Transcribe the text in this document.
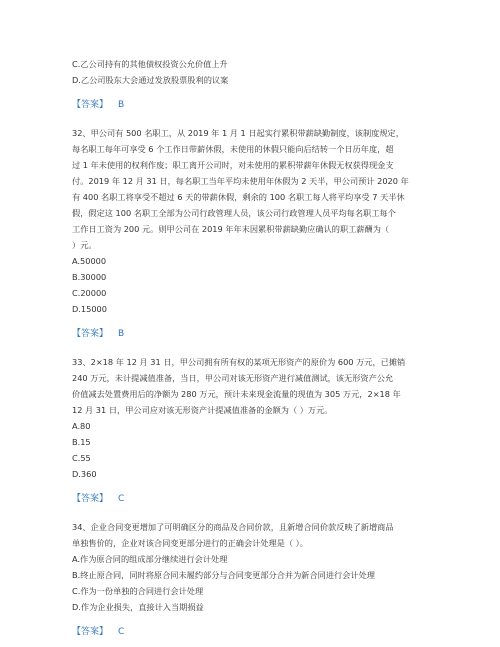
C.乙公司持有的其他债权投资公允价值上升

D.乙公司股东大会通过发放股票股利的议案

【答案】 B

32、甲公司有 500 名职工，从 2019 年 1 月 1 日起实行累积带薪缺勤制度，该制度规定，

每名职工每年可享受 6 个工作日带薪休假，未使用的休假只能向后结转一个日历年度，超

过 1 年未使用的权利作废；职工离开公司时，对未使用的累积带薪年休假无权获得现金支

付。2019 年 12 月 31 日，每名职工当年平均未使用年休假为 2 天半，甲公司预计 2020 年

有 400 名职工将享受不超过 6 天的带薪休假，剩余的 100 名职工每人将平均享受 7 天半休

假，假定这 100 名职工全部为公司行政管理人员，该公司行政管理人员平均每名职工每个

工作日工资为 200 元。则甲公司在 2019 年年末因累积带薪缺勤应确认的职工薪酬为（

）元。

A.50000

B.30000

C.20000

D.15000

【答案】 B

33、2×18 年 12 月 31 日，甲公司拥有所有权的某项无形资产的原价为 600 万元，已摊销

240 万元，未计提减值准备，当日，甲公司对该无形资产进行减值测试，该无形资产公允

价值减去处置费用后的净额为 280 万元，预计未来现金流量的现值为 305 万元，2×18 年

12 月 31 日，甲公司应对该无形资产计提减值准备的金额为（ ）万元。

A.80

B.15

C.55

D.360

【答案】 C

34、企业合同变更增加了可明确区分的商品及合同价款，且新增合同价款反映了新增商品

单独售价的，企业对该合同变更部分进行的正确会计处理是（ ）。

A.作为原合同的组成部分继续进行会计处理

B.终止原合同，同时将原合同未履约部分与合同变更部分合并为新合同进行会计处理

C.作为一份单独的合同进行会计处理

D.作为企业损失，直接计入当期损益

【答案】 C
